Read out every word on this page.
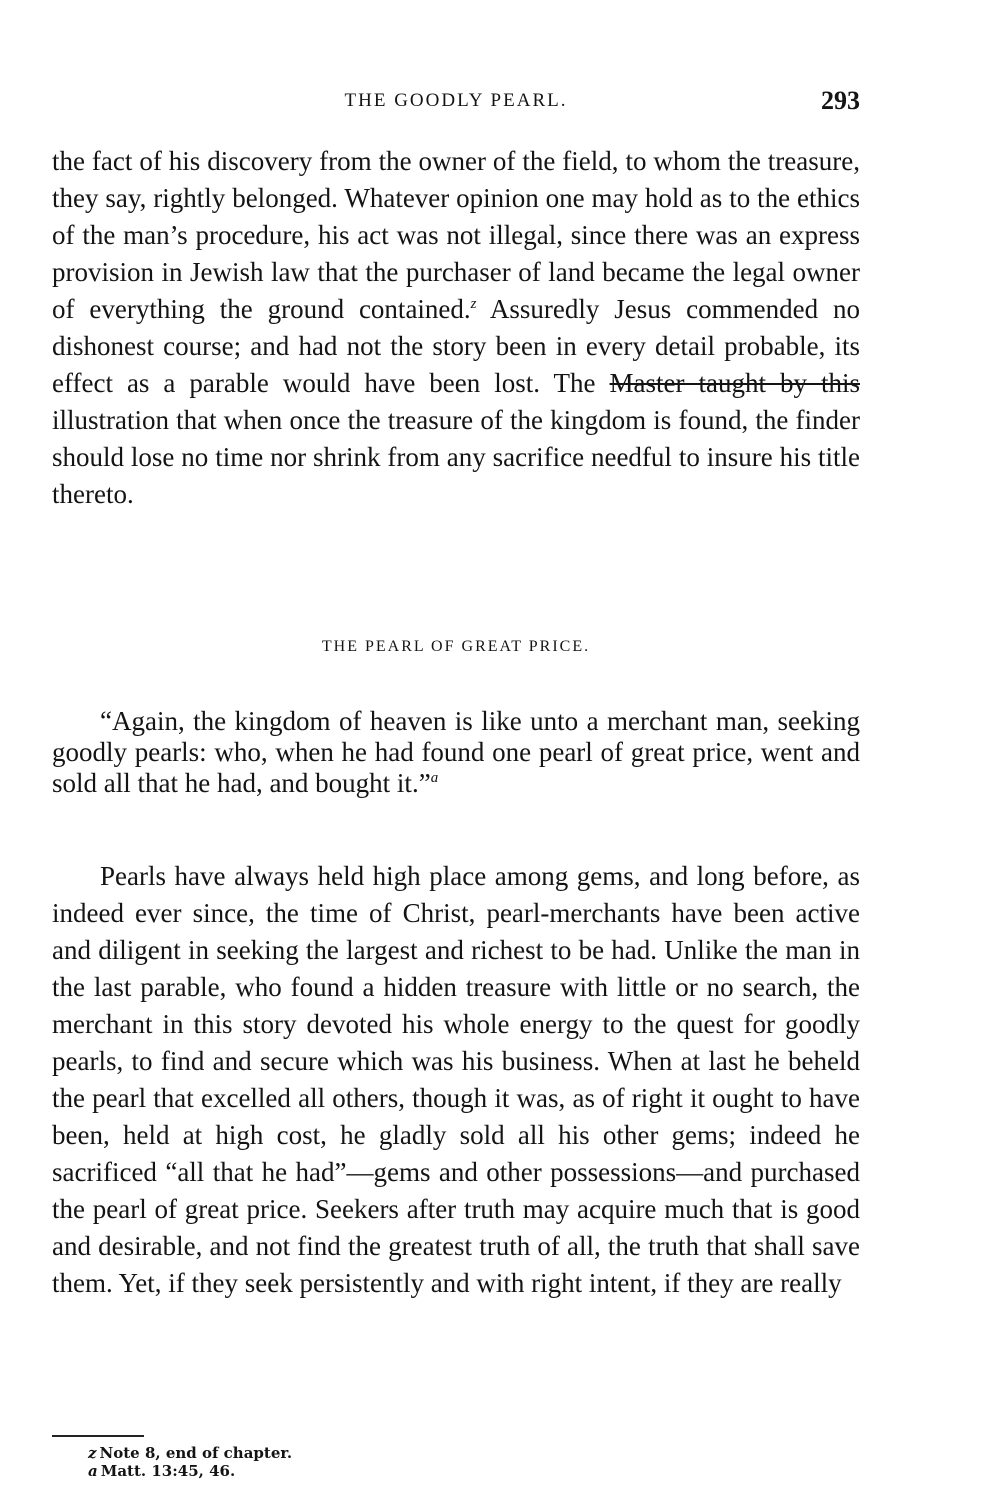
THE GOODLY PEARL.	293

the fact of his discovery from the owner of the field, to whom the treasure, they say, rightly belonged. Whatever opinion one may hold as to the ethics of the man’s procedure, his act was not illegal, since there was an express provision in Jewish law that the purchaser of land became the legal owner of everything the ground contained.$^z$ Assuredly Jesus commended no dishonest course; and had not the story been in every detail probable, its effect as a parable would have been lost. The Master taught by this illustration that when once the treasure of the kingdom is found, the finder should lose no time nor shrink from any sacrifice needful to insure his title thereto.

THE PEARL OF GREAT PRICE.

“Again, the kingdom of heaven is like unto a merchant man, seeking goodly pearls: who, when he had found one pearl of great price, went and sold all that he had, and bought it.”$^a$

Pearls have always held high place among gems, and long before, as indeed ever since, the time of Christ, pearl-merchants have been active and diligent in seeking the largest and richest to be had. Unlike the man in the last parable, who found a hidden treasure with little or no search, the merchant in this story devoted his whole energy to the quest for goodly pearls, to find and secure which was his business. When at last he beheld the pearl that excelled all others, though it was, as of right it ought to have been, held at high cost, he gladly sold all his other gems; indeed he sacrificed “all that he had”—gems and other possessions—and purchased the pearl of great price. Seekers after truth may acquire much that is good and desirable, and not find the greatest truth of all, the truth that shall save them. Yet, if they seek persistently and with right intent, if they are really

z Note 8, end of chapter.
a Matt. 13:45, 46.
